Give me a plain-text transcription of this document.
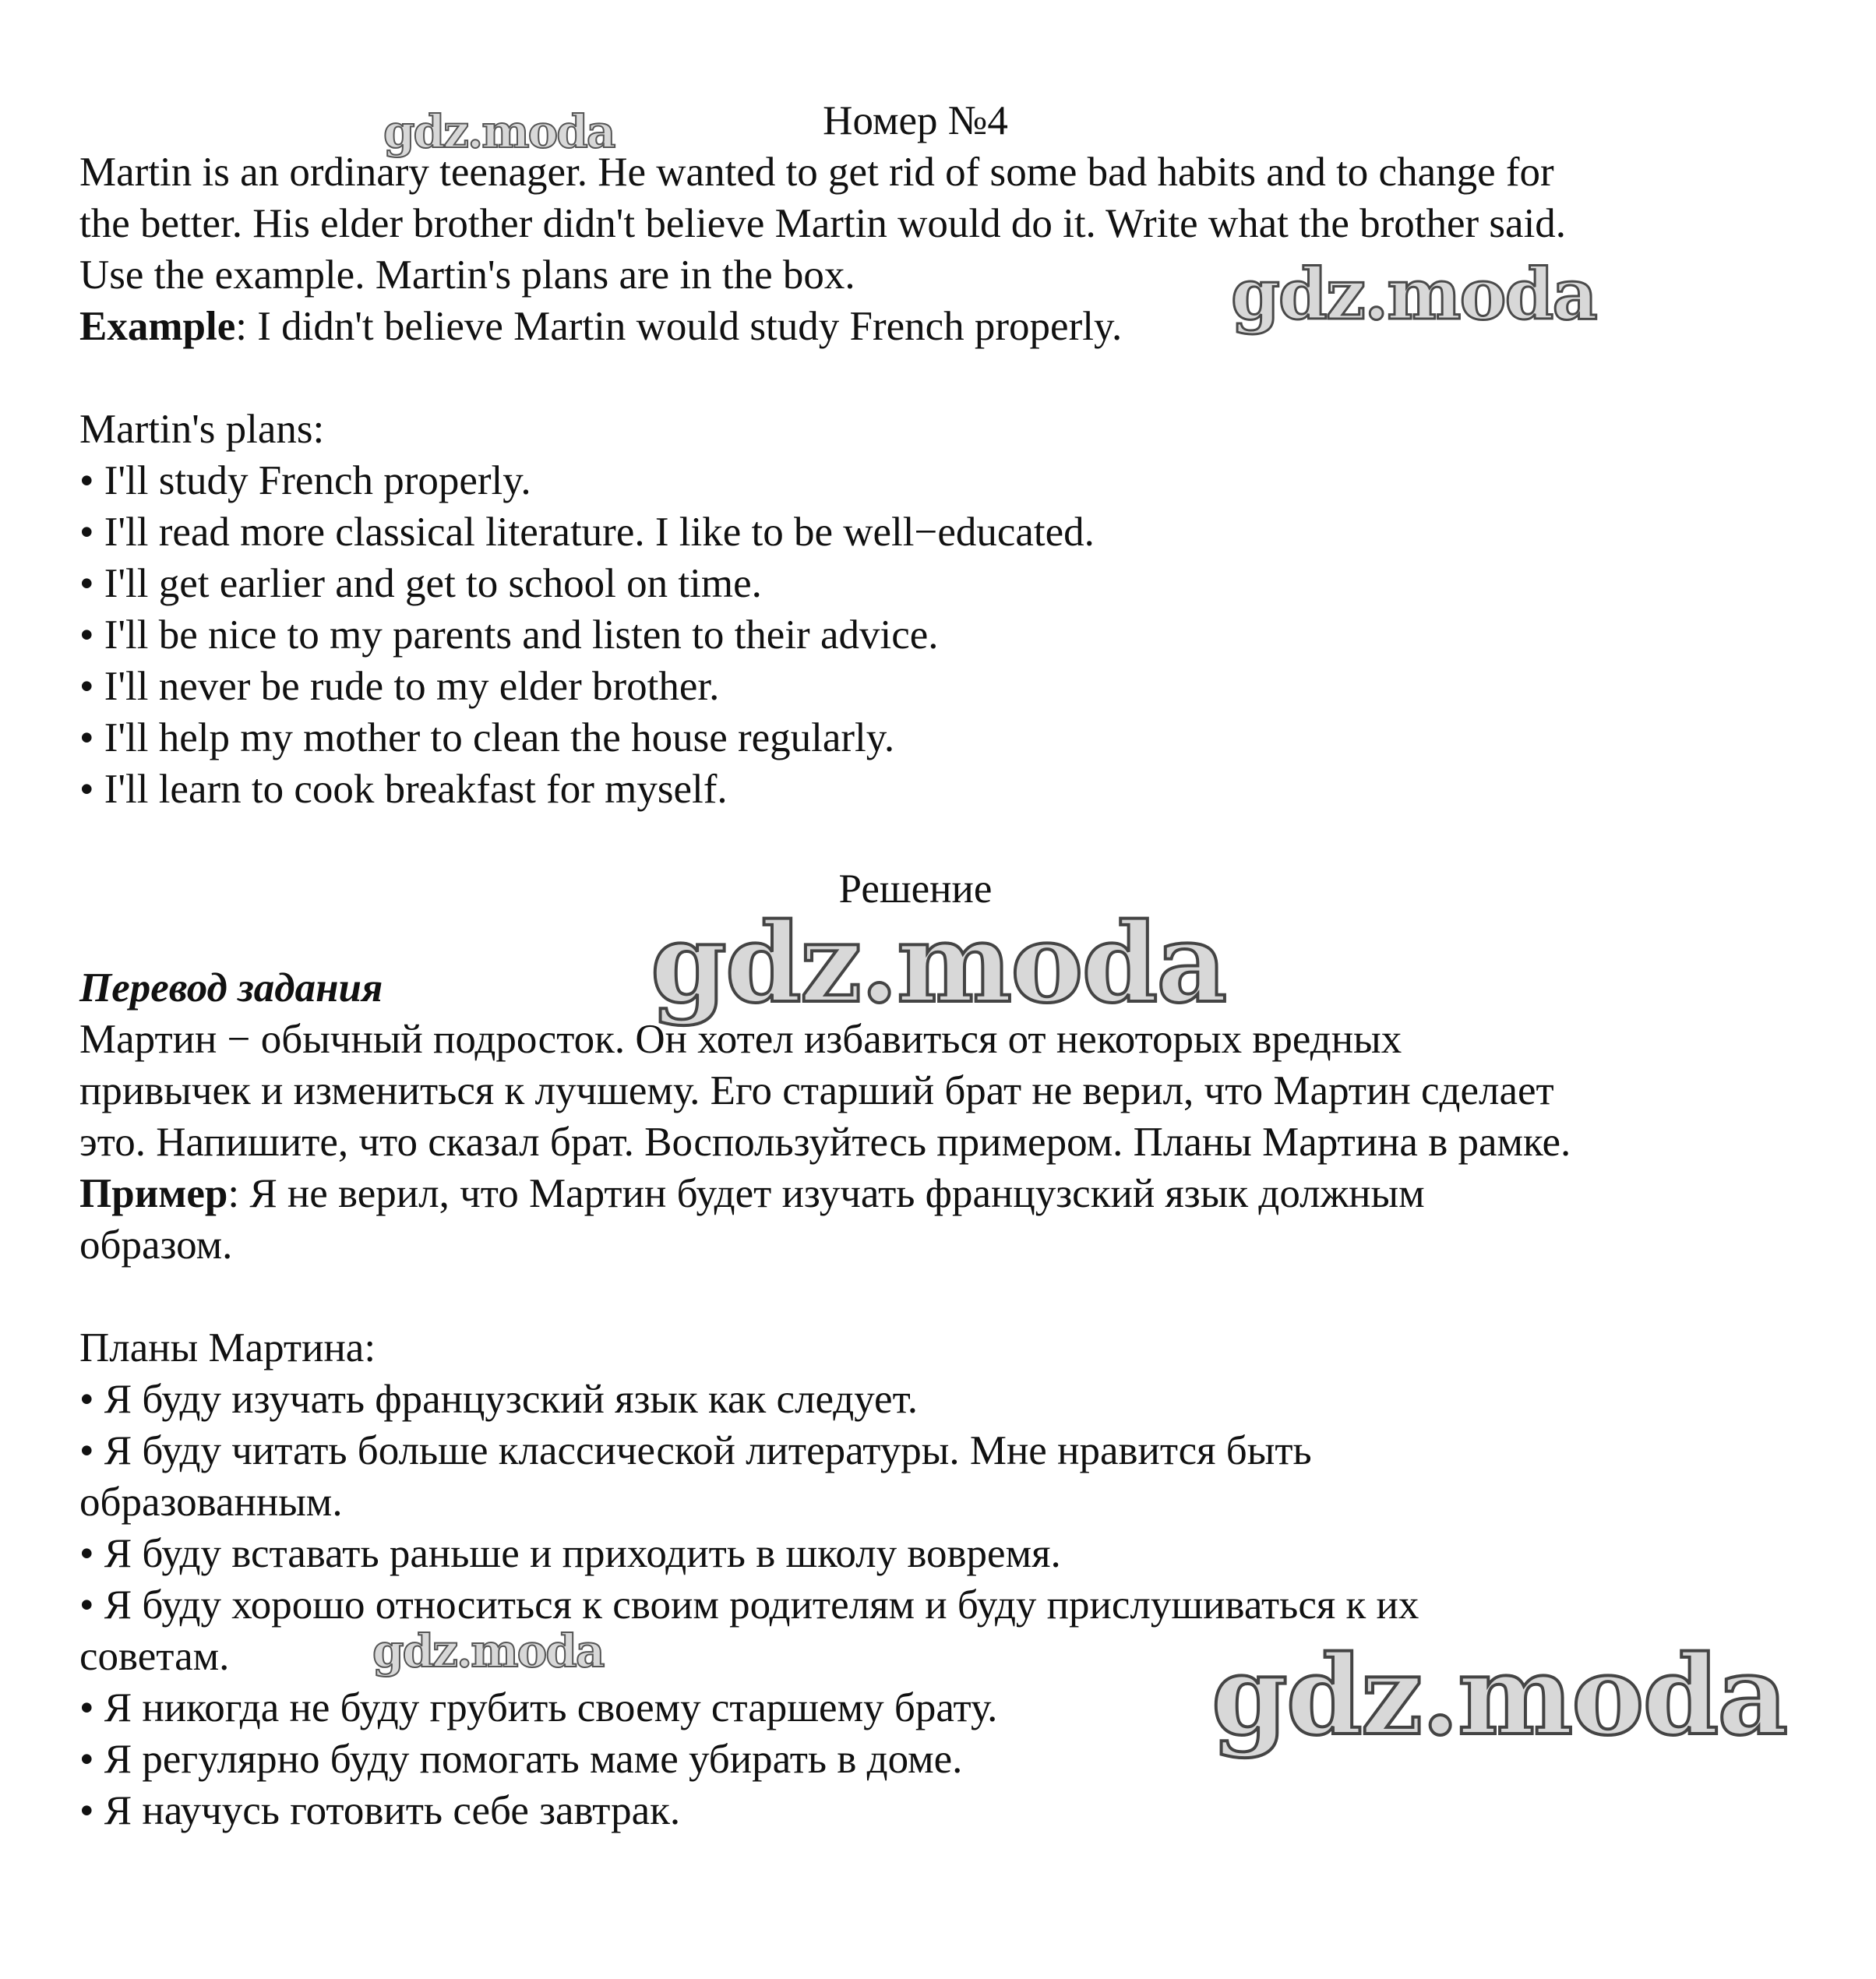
Номер №4
Martin is an ordinary teenager. He wanted to get rid of some bad habits and to change for
the better. His elder brother didn't believe Martin would do it. Write what the brother said.
Use the example. Martin's plans are in the box.
Example: I didn't believe Martin would study French properly.
Martin's plans:
• I'll study French properly.
• I'll read more classical literature. I like to be well−educated.
• I'll get earlier and get to school on time.
• I'll be nice to my parents and listen to their advice.
• I'll never be rude to my elder brother.
• I'll help my mother to clean the house regularly.
• I'll learn to cook breakfast for myself.
Решение
Перевод задания
Мартин − обычный подросток. Он хотел избавиться от некоторых вредных
привычек и измениться к лучшему. Его старший брат не верил, что Мартин сделает
это. Напишите, что сказал брат. Воспользуйтесь примером. Планы Мартина в рамке.
Пример: Я не верил, что Мартин будет изучать французский язык должным
образом.
Планы Мартина:
• Я буду изучать французский язык как следует.
• Я буду читать больше классической литературы. Мне нравится быть
образованным.
• Я буду вставать раньше и приходить в школу вовремя.
• Я буду хорошо относиться к своим родителям и буду прислушиваться к их
советам.
• Я никогда не буду грубить своему старшему брату.
• Я регулярно буду помогать маме убирать в доме.
• Я научусь готовить себе завтрак.
gdz.moda
gdz.moda
gdz.moda
gdz.moda	gdz.moda
